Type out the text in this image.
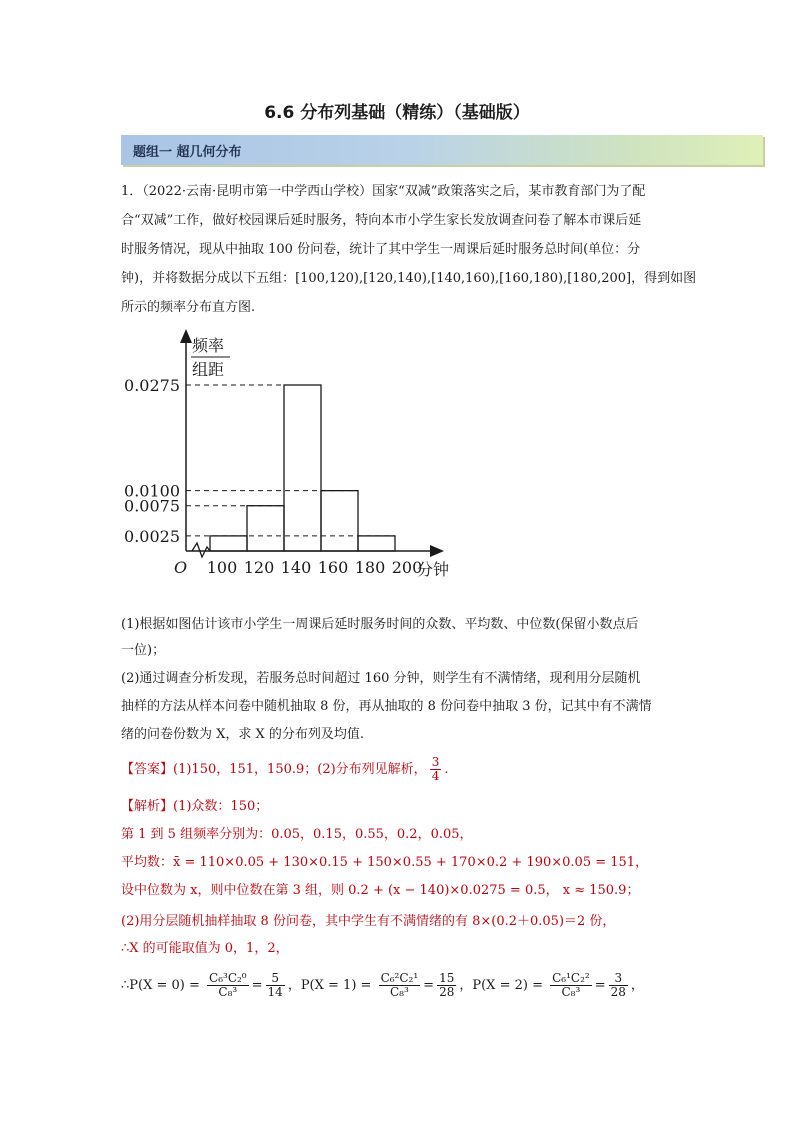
6.6 分布列基础（精练）（基础版）
题组一 超几何分布
1．（2022·云南·昆明市第一中学西山学校）国家“双减”政策落实之后，某市教育部门为了配
合“双减”工作，做好校园课后延时服务，特向本市小学生家长发放调查问卷了解本市课后延
时服务情况，现从中抽取 100 份问卷，统计了其中学生一周课后延时服务总时间(单位：分
钟)，并将数据分成以下五组：[100,120),[120,140),[140,160),[160,180),[180,200]，得到如图
所示的频率分布直方图.
频率
组距
0.0025
0.0075
0.0100
0.0275
100 120 140 160 180 200
分钟
O
(1)根据如图估计该市小学生一周课后延时服务时间的众数、平均数、中位数(保留小数点后
一位)；
(2)通过调查分析发现，若服务总时间超过 160 分钟，则学生有不满情绪，现利用分层随机
抽样的方法从样本问卷中随机抽取 8 份，再从抽取的 8 份问卷中抽取 3 份，记其中有不满情
绪的问卷份数为 X，求 X 的分布列及均值.
【答案】(1)150，151，150.9；(2)分布列见解析， $\frac{3}{4}$ .
【解析】(1)众数：150；
第 1 到 5 组频率分别为：0.05，0.15，0.55，0.2，0.05，
平均数：x̄ = 110×0.05 + 130×0.15 + 150×0.55 + 170×0.2 + 190×0.05 = 151，
设中位数为 x，则中位数在第 3 组，则 0.2 + (x − 140)×0.0275 = 0.5， x ≈ 150.9；
(2)用分层随机抽样抽取 8 份问卷，其中学生有不满情绪的有 8×(0.2＋0.05)＝2 份，
∴X 的可能取值为 0，1，2，
∴P(X = $0) = \frac{\text{C₆³C₂⁰}}{\text{C₈³}} = \frac{5}{14}$ ，$P(X = 1) = \frac{\text{C₆²C₂¹}}{\text{C₈³}} = \frac{15}{28}$ ，$P(X = 2) = \frac{\text{C₆¹C₂²}}{\text{C₈³}} = \frac{3}{28}$ ，
